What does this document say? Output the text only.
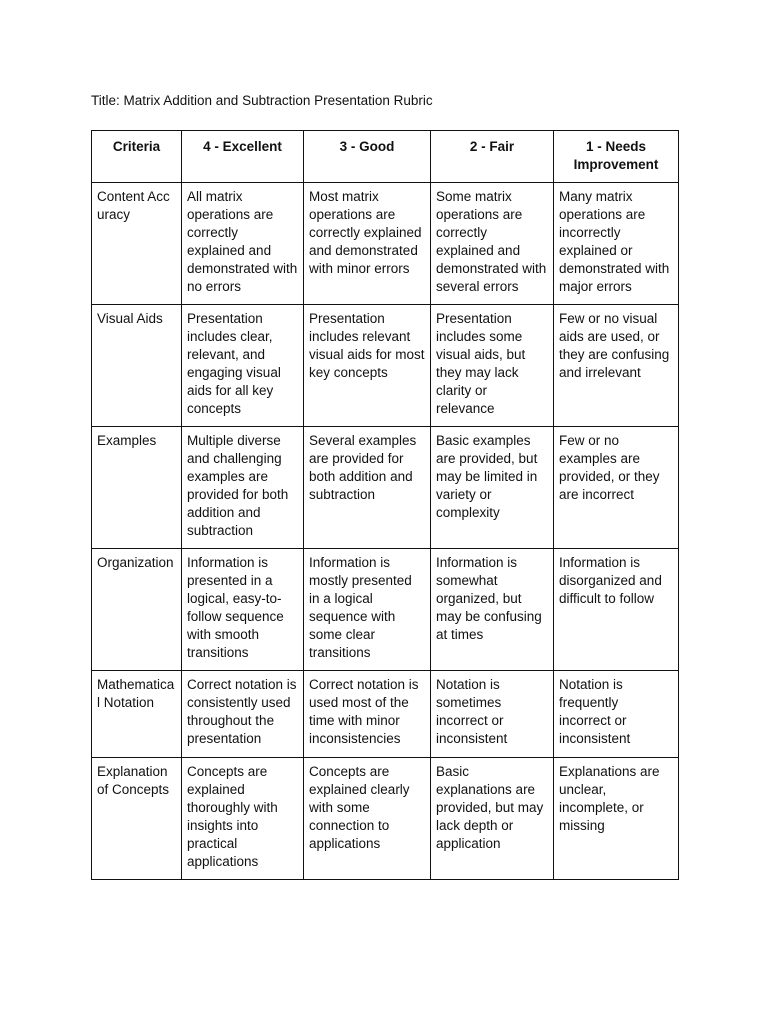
Title: Matrix Addition and Subtraction Presentation Rubric
Criteria	4 - Excellent	3 - Good	2 - Fair	1 - Needs Improvement
Content Accuracy	All matrix operations are correctly explained and demonstrated with no errors	Most matrix operations are correctly explained and demonstrated with minor errors	Some matrix operations are correctly explained and demonstrated with several errors	Many matrix operations are incorrectly explained or demonstrated with major errors
Visual Aids	Presentation includes clear, relevant, and engaging visual aids for all key concepts	Presentation includes relevant visual aids for most key concepts	Presentation includes some visual aids, but they may lack clarity or relevance	Few or no visual aids are used, or they are confusing and irrelevant
Examples	Multiple diverse and challenging examples are provided for both addition and subtraction	Several examples are provided for both addition and subtraction	Basic examples are provided, but may be limited in variety or complexity	Few or no examples are provided, or they are incorrect
Organization	Information is presented in a logical, easy-to-follow sequence with smooth transitions	Information is mostly presented in a logical sequence with some clear transitions	Information is somewhat organized, but may be confusing at times	Information is disorganized and difficult to follow
Mathematical Notation	Correct notation is consistently used throughout the presentation	Correct notation is used most of the time with minor inconsistencies	Notation is sometimes incorrect or inconsistent	Notation is frequently incorrect or inconsistent
Explanation of Concepts	Concepts are explained thoroughly with insights into practical applications	Concepts are explained clearly with some connection to applications	Basic explanations are provided, but may lack depth or application	Explanations are unclear, incomplete, or missing
